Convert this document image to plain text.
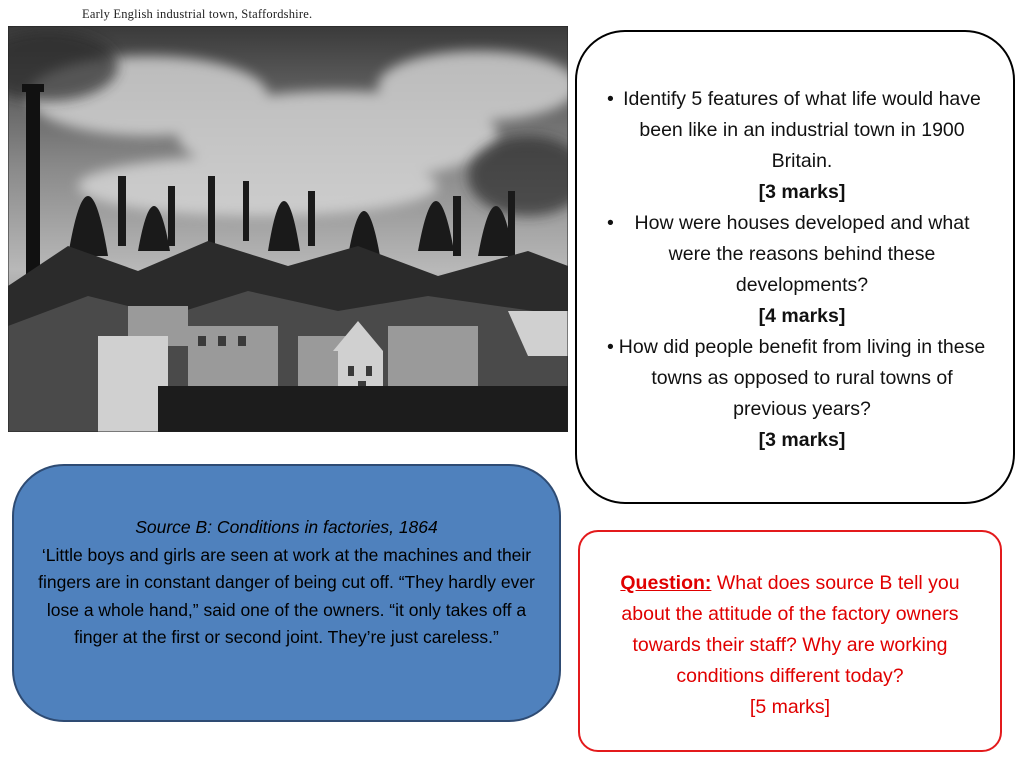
Early English industrial town, Staffordshire.
• Identify 5 features of what life would have been like in an industrial town in 1900 Britain.
[3 marks]
• How were houses developed and what were the reasons behind these developments?
[4 marks]
• How did people benefit from living in these towns as opposed to rural towns of previous years?
[3 marks]
Source B: Conditions in factories, 1864
‘Little boys and girls are seen at work at the machines and their fingers are in constant danger of being cut off. “They hardly ever lose a whole hand,” said one of the owners. “it only takes off a finger at the first or second joint. They’re just careless.”
Question: What does source B tell you about the attitude of the factory owners towards their staff? Why are working conditions different today?
[5 marks]
